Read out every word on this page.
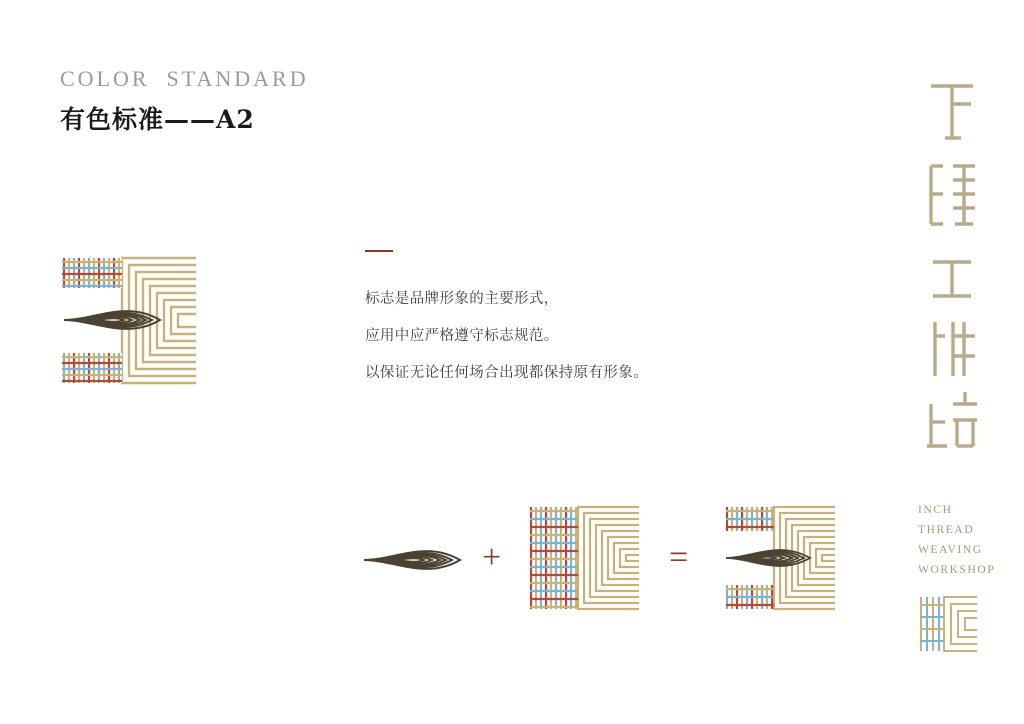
COLOR  STANDARD
有色标准——A2

标志是品牌形象的主要形式，

应用中应严格遵守标志规范。

以保证无论任何场合出现都保持原有形象。

+	=
INCH
THREAD
WEAVING
WORKSHOP
